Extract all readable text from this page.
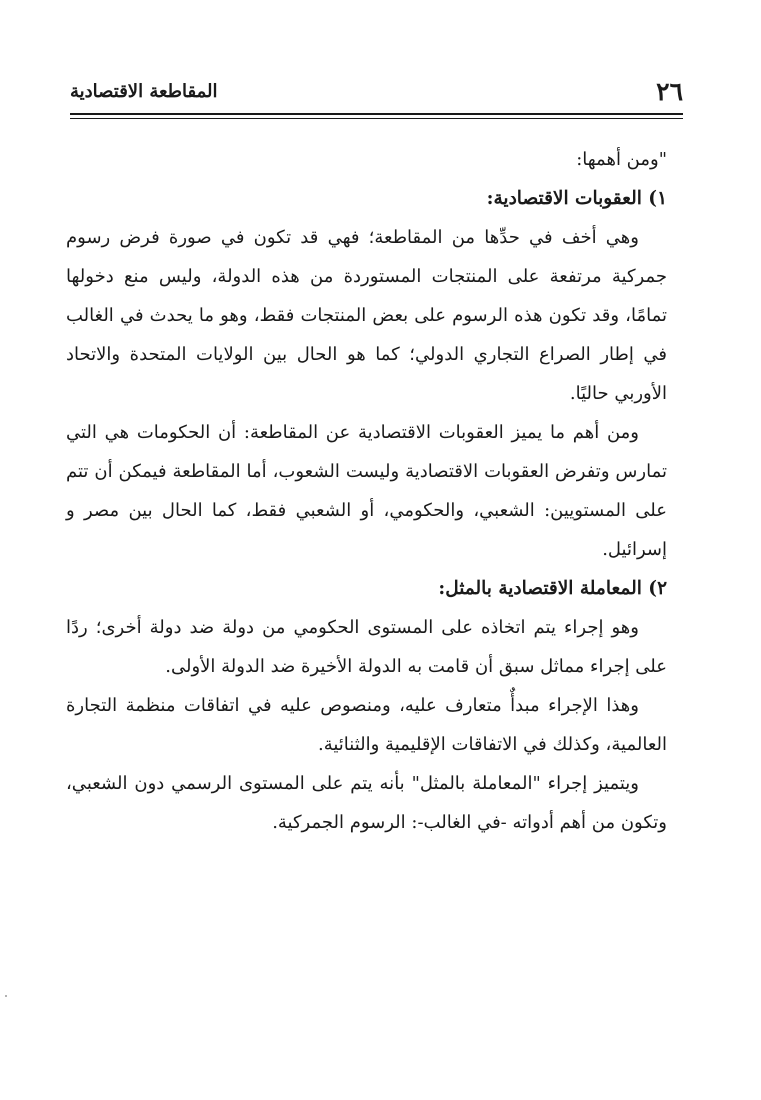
٢٦
المقاطعة الاقتصادية

"ومن أهمها:

١) العقوبات الاقتصادية:

وهي أخف في حدِّها من المقاطعة؛ فهي قد تكون في صورة فرض رسوم جمركية مرتفعة على المنتجات المستوردة من هذه الدولة، وليس منع دخولها تمامًا، وقد تكون هذه الرسوم على بعض المنتجات فقط، وهو ما يحدث في الغالب في إطار الصراع التجاري الدولي؛ كما هو الحال بين الولايات المتحدة والاتحاد الأوربي حاليًا.

ومن أهم ما يميز العقوبات الاقتصادية عن المقاطعة: أن الحكومات هي التي تمارس وتفرض العقوبات الاقتصادية وليست الشعوب، أما المقاطعة فيمكن أن تتم على المستويين: الشعبي، والحكومي، أو الشعبي فقط، كما الحال بين مصر و إسرائيل.

٢) المعاملة الاقتصادية بالمثل:

وهو إجراء يتم اتخاذه على المستوى الحكومي من دولة ضد دولة أخرى؛ ردًا على إجراء مماثل سبق أن قامت به الدولة الأخيرة ضد الدولة الأولى.

وهذا الإجراء مبدأٌ متعارف عليه، ومنصوص عليه في اتفاقات منظمة التجارة العالمية، وكذلك في الاتفاقات الإقليمية والثنائية.

ويتميز إجراء "المعاملة بالمثل" بأنه يتم على المستوى الرسمي دون الشعبي، وتكون من أهم أدواته -في الغالب-: الرسوم الجمركية.
